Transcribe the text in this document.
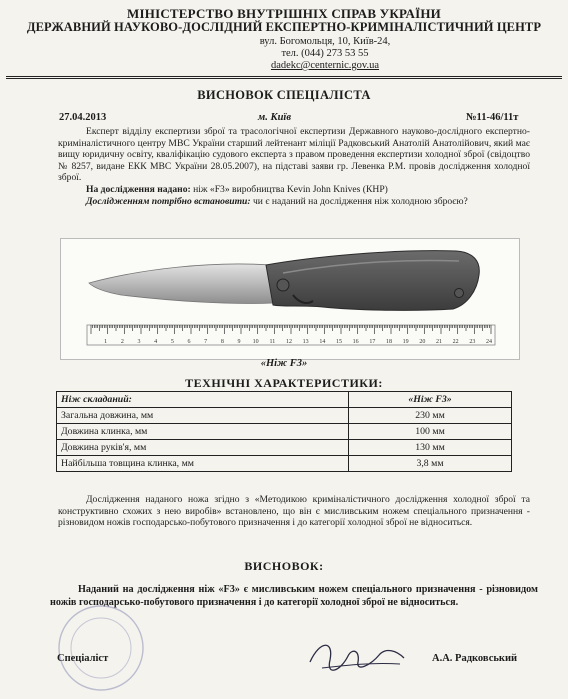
МІНІСТЕРСТВО ВНУТРІШНІХ СПРАВ УКРАЇНИ
ДЕРЖАВНИЙ НАУКОВО-ДОСЛІДНИЙ ЕКСПЕРТНО-КРИМІНАЛІСТИЧНИЙ ЦЕНТР
вул. Богомольця, 10, Київ-24,
тел. (044) 273 53 55
dadekc@centernic.gov.ua
ВИСНОВОК СПЕЦІАЛІСТА
27.04.2013	м. Київ	№11-46/11т
Експерт відділу експертизи зброї та трасологічної експертизи Державного науково-дослідного експертно-криміналістичного центру МВС України старший лейтенант міліції Радковський Анатолій Анатолійович, який має вищу юридичну освіту, кваліфікацію судового експерта з правом проведення експертизи холодної зброї (свідоцтво № 8257, видане ЕКК МВС України 28.05.2007), на підставі заяви гр. Левенка Р.М. провів дослідження холодної зброї.
На дослідження надано: ніж «F3» виробництва Kevin John Knives (КНР)
Дослідженням потрібно встановити: чи є наданий на дослідження ніж холодною зброєю?
1 2 3 4 5 6 7 8 9 10 11 12 13 14 15 16 17 18 19 20 21 22 23 24
«Ніж F3»
ТЕХНІЧНІ ХАРАКТЕРИСТИКИ:
Ніж складаний:	«Ніж F3»
Загальна довжина, мм	230 мм
Довжина клинка, мм	100 мм
Довжина руків'я, мм	130 мм
Найбільша товщина клинка, мм	3,8 мм
Дослідження наданого ножа згідно з «Методикою криміналістичного дослідження холодної зброї та конструктивно схожих з нею виробів» встановлено, що він є мисливським ножем спеціального призначення - різновидом ножів господарсько-побутового призначення і до категорії холодної зброї не відноситься.
ВИСНОВОК:
Наданий на дослідження ніж «F3» є мисливським ножем спеціального призначення - різновидом ножів господарсько-побутового призначення і до категорії холодної зброї не відноситься.
Спеціаліст	А.А. Радковський
